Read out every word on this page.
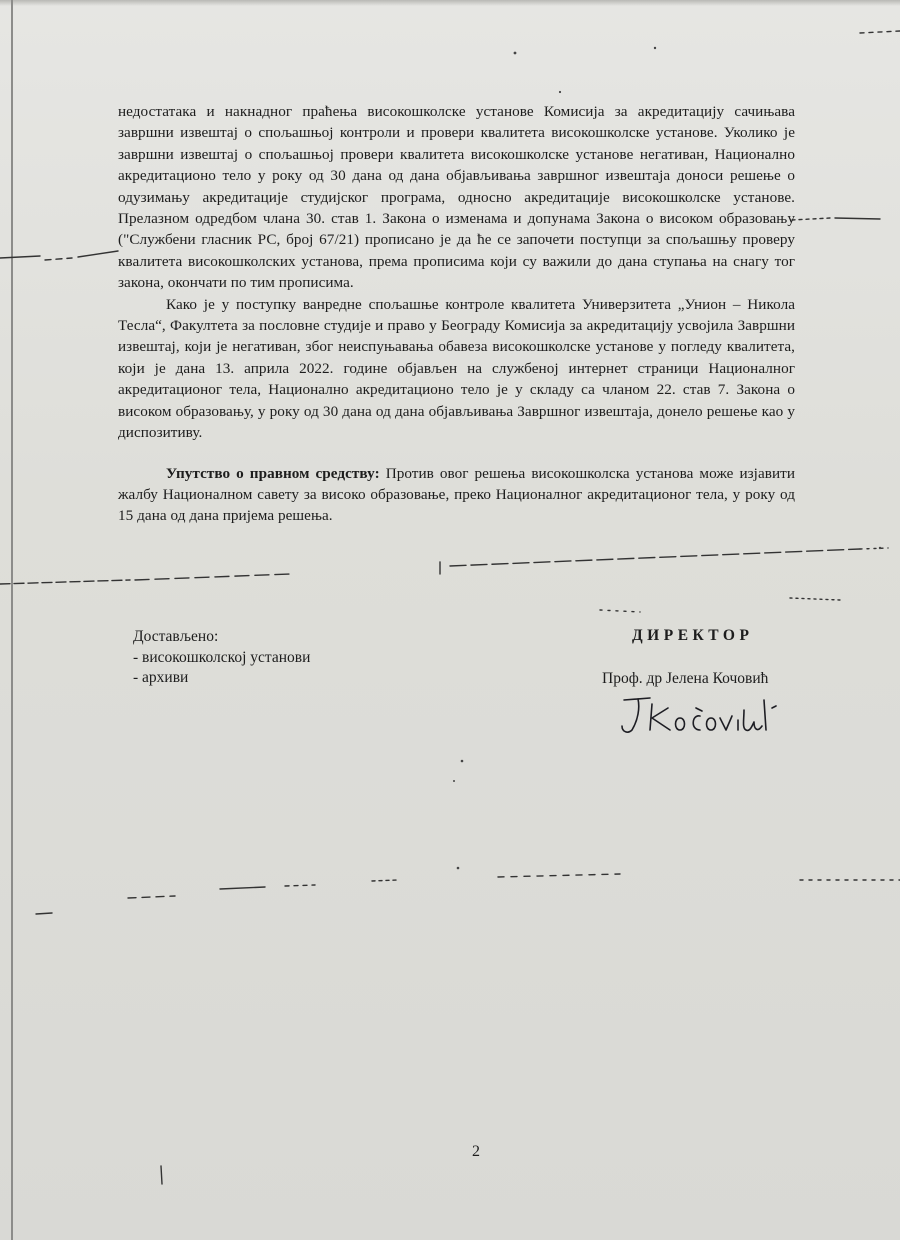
недостатака и накнадног праћења високошколске установе Комисија за акредитацију сачињава завршни извештај о спољашњој контроли и провери квалитета високошколске установе. Уколико је завршни извештај о спољашњој провери квалитета високошколске установе негативан, Национално акредитационо тело у року од 30 дана од дана објављивања завршног извештаја доноси решење о одузимању акредитације студијског програма, односно акредитације високошколске установе. Прелазном одредбом члана 30. став 1. Закона о изменама и допунама Закона о високом образовању ("Службени гласник РС, број 67/21) прописано је да ће се започети поступци за спољашњу проверу квалитета високошколских установа, према прописима који су важили до дана ступања на снагу тог закона, окончати по тим прописима.

Како је у поступку ванредне спољашње контроле квалитета Универзитета „Унион – Никола Тесла“, Факултета за пословне студије и право у Београду Комисија за акредитацију усвојила Завршни извештај, који је негативан, због неиспуњавања обавеза високошколске установе у погледу квалитета, који је дана 13. априла 2022. године објављен на службеној интернет страници Националног акредитационог тела, Национално акредитационо тело је у складу са чланом 22. став 7. Закона о високом образовању, у року од 30 дана од дана објављивања Завршног извештаја, донело решење као у диспозитиву.

Упутство о правном средству: Против овог решења високошколска установа може изјавити жалбу Националном савету за високо образовање, преко Националног акредитационог тела, у року од 15 дана од дана пријема решења.

Достављено:
- високошколској установи
- архиви
ДИРЕКТОР
Проф. др Јелена Кочовић
2
